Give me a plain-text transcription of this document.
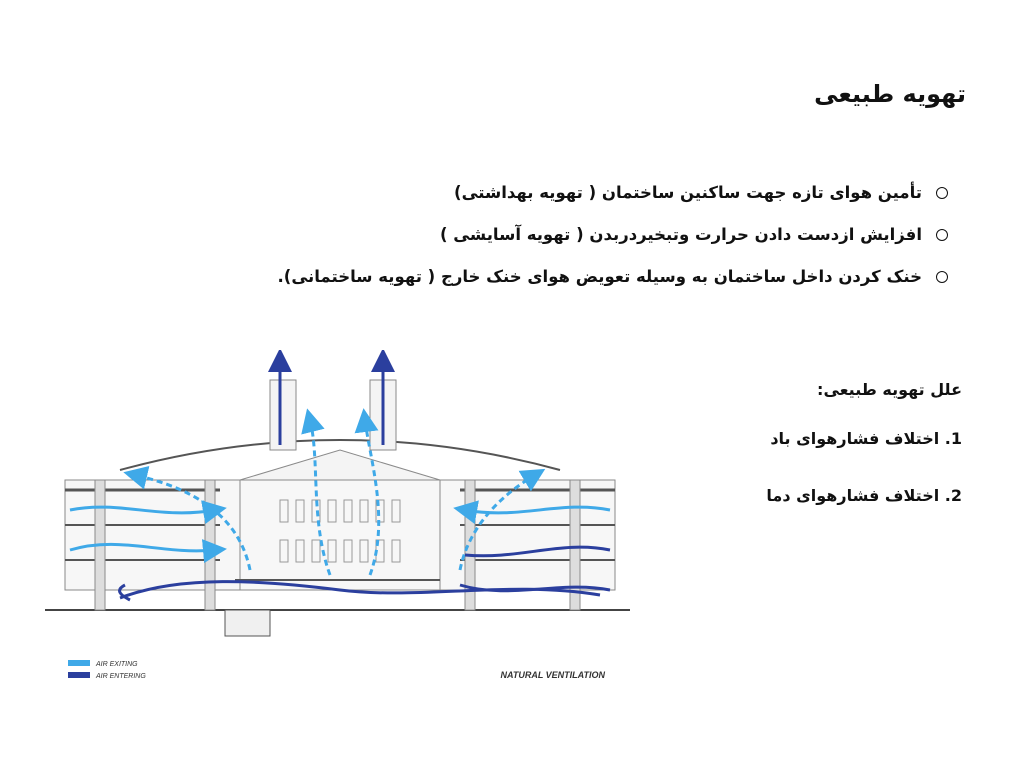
تهویه طبیعی
تأمین هوای تازه جهت ساکنین ساختمان ( تهویه بهداشتی)
افزایش ازدست دادن حرارت وتبخیردربدن ( تهویه آسایشی )
خنک کردن داخل ساختمان به وسیله تعویض هوای خنک خارج ( تهویه ساختمانی).
علل تهویه طبیعی:
1. اختلاف فشارهوای باد
2. اختلاف فشارهوای دما
AIR EXITING
AIR ENTERING	NATURAL VENTILATION
